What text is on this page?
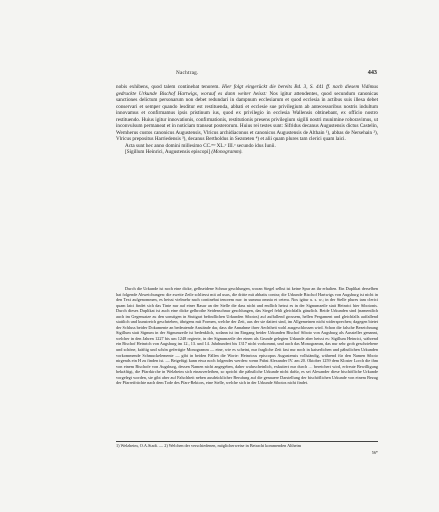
Nachtrag.	443

nobis exhibens, quod talem continebat tenorem. Hier folgt eingerückt die bereits Bd. 3, S. 441 ff. nach diesem Vidimus gedruckte Urkunde Bischof Hartwigs, worauf es dann weiter heisst: Nos igitur attendentes, quod secundum canonicas sanctiones delictum personarum non debet redundari in dampnum ecclesiarum et quod ecclesia in actibus suis illesa debet conservari et semper quando lesditur est restituenda, abbati et ecclesie sue privilegium ab antecessoribus nostris indultum innovamus et confirmamus ipsis pristinum ius, quod ex privilegio in ecclesia Wallensis obtinebant, ex officio nostro restituendo. Huius igitur innovationis, confirmationis, restitutionis presens privilegium sigilli nostri munimine roboravimus, ut inconvulsum permaneat et in noticiam transeat posterorum. Huius rei testes sunt: Sifridus decanus Augustensis dictus Castelin, Wernherus custos canonicus Augustensis, Vlricus archidiaconus et canonicus Augustensis de Althain ¹), abbas de Nersehain ²), Vlricus prepositus Harriedensis ³), decanus Bertholdus in Sezsteten ⁴) et alii quam plures tam clerici quam laici.

Acta sunt hec anno domini millesimo CC.ᵐᵒ XL.ᵒ III.ᵒ secundo idus Iunii.

[Sigillum Heinrici, Augustensis episcopi] (Monogramm).

Durch die Urkunde ist noch eine dicke, gelbseidene Schnur geschlungen, woran Siegel selbst ist keine Spur an ihr erhalten. Ein Duplikat derselben hat folgende Abweichungen: die zweite Zeile schliesst mit ad usus, die dritte mit abbatis contra; die Urkunde Bischof Hartwigs von Augsburg ist nicht in den Text aufgenommen, es heisst vielmehr nach continebat tenorem nur: in summa omnia et cetera. Nos igitur u. s. w.; in der Stelle plures tam clerici quam laici findet sich das Tinte nur auf einer Rasur an der Stelle die dass nicht und endlich heisst es in der Signumzeile statt Heinrici hier Sibotonis. Durch dieses Duplikat ist auch eine dicke gelbrothe Seidenschnur geschlungen, das Siegel fehlt gleichfalls gänzlich. Beide Urkunden sind (namentlich auch im Gegensatze zu den sonstigen in Stuttgart befindlichen Urkunden Sibotos) auf auffallend grossem, hellen Pergament und gleichfalls auffallend stattlich und kunstreich geschrieben, übrigens mit Formen, welche der Zeit, aus der sie datiert sind, im Allgemeinen nicht widersprechen; dagegen bietet der Schluss beider Dokumente an bedeutende Anstände dar, dass die Annahme ihrer Aechtheit wohl ausgeschlossen wird. Schon die falsche Bezeichnung Sigillum statt Signum in der Signumzeile ist bedenklich, sodann ist im Eingang beider Urkunden Bischof Siboto von Augsburg als Aussteller genannt, welcher in den Jahren 1227 bis um 1248 regierte, in der Signumzeile der einen als Grunde gelegten Urkunde aber heisst es: Sigillum Heinrici, während ein Bischof Heinrich von Augsburg im 12., 13. und 14. Jahrhundert bis 1317 nicht vorkommt, und auch das Monogramm, das nur sehr grob geschriebene und schöne, kräftig und schön gefertigte Monogramm — eine, wie es scheint, nur fragliche Zeit fast nur noch in kaiserlichen und päbstlichen Urkunden vorkommende Schmuckelemente — gibt in beiden Fällen die Worte: Heinricus episcopus Augustensis vollständig, während für den Namen Siboto nirgends ein H zu finden ist. — Beigefügt kann etwa noch folgendes werden: wenn Pabst Alexander IV. am 20. Oktober 1259 dem Kloster Lorch die ihm von einem Bischofe von Augsburg, dessen Namen nicht angegeben, daher wahrscheinlich, exkutiert nur durch … bereichert wird, erfreute Bewilligung bekräftigt, die Pfarrkirche in Welzheim sich einzuverleiben, so spricht die päbstliche Urkunde nicht dafür, es sei Alexander diese bischöfliche Urkunde vorgelegt worden, sie gibt aber auf Falschheit neben ausdrücklicher Berufung auf die genauere Darstellung der bischöflichen Urkunde von einem Bezug der Pfarreifrüchte nach dem Tode des Pfarr-Rektors, eine Stelle, welche sich in der Urkunde Sibotos nicht findet.

1) Welzheim, O.A.Stadt. — 2) Welchen der verschiedenen, möglicherweise in Betracht kommenden Altheim
56*
